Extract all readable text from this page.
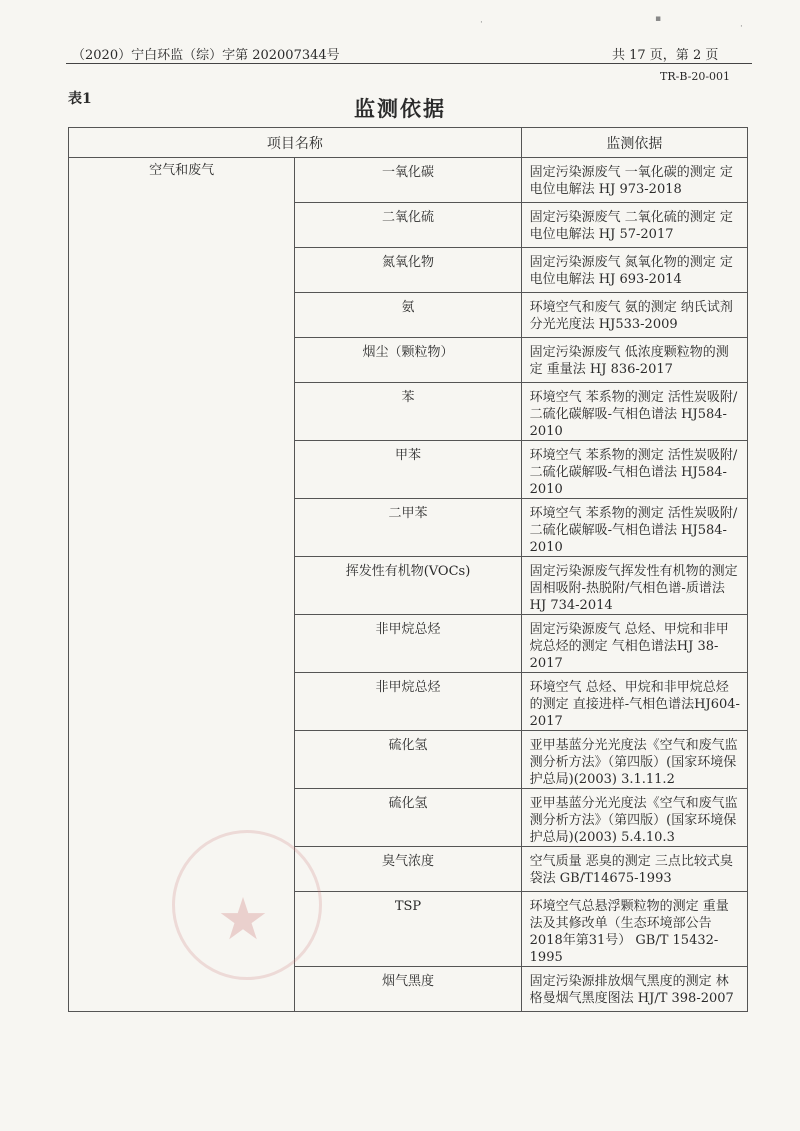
（2020）宁白环监（综）字第 202007344号	共 17 页，第 2 页
TR-B-20-001
表1	监测依据
项目名称		监测依据
空气和废气	一氧化碳	固定污染源废气 一氧化碳的测定 定电位电解法 HJ 973-2018
	二氧化硫	固定污染源废气 二氧化硫的测定 定电位电解法 HJ 57-2017
	氮氧化物	固定污染源废气 氮氧化物的测定 定电位电解法 HJ 693-2014
	氨	环境空气和废气 氨的测定 纳氏试剂分光光度法 HJ533-2009
	烟尘（颗粒物）	固定污染源废气 低浓度颗粒物的测定 重量法 HJ 836-2017
	苯	环境空气 苯系物的测定 活性炭吸附/二硫化碳解吸-气相色谱法 HJ584-2010
	甲苯	环境空气 苯系物的测定 活性炭吸附/二硫化碳解吸-气相色谱法 HJ584-2010
	二甲苯	环境空气 苯系物的测定 活性炭吸附/二硫化碳解吸-气相色谱法 HJ584-2010
	挥发性有机物(VOCs)	固定污染源废气挥发性有机物的测定 固相吸附-热脱附/气相色谱-质谱法 HJ 734-2014
	非甲烷总烃	固定污染源废气 总烃、甲烷和非甲烷总烃的测定 气相色谱法HJ 38-2017
	非甲烷总烃	环境空气 总烃、甲烷和非甲烷总烃的测定 直接进样-气相色谱法HJ604-2017
	硫化氢	亚甲基蓝分光光度法《空气和废气监测分析方法》（第四版）(国家环境保护总局)(2003) 3.1.11.2
	硫化氢	亚甲基蓝分光光度法《空气和废气监测分析方法》（第四版）(国家环境保护总局)(2003) 5.4.10.3
	臭气浓度	空气质量 恶臭的测定 三点比较式臭袋法 GB/T14675-1993
	TSP	环境空气总悬浮颗粒物的测定 重量法及其修改单（生态环境部公告2018年第31号） GB/T 15432-1995
	烟气黑度	固定污染源排放烟气黑度的测定 林格曼烟气黑度图法 HJ/T 398-2007
★
·	▪
·
